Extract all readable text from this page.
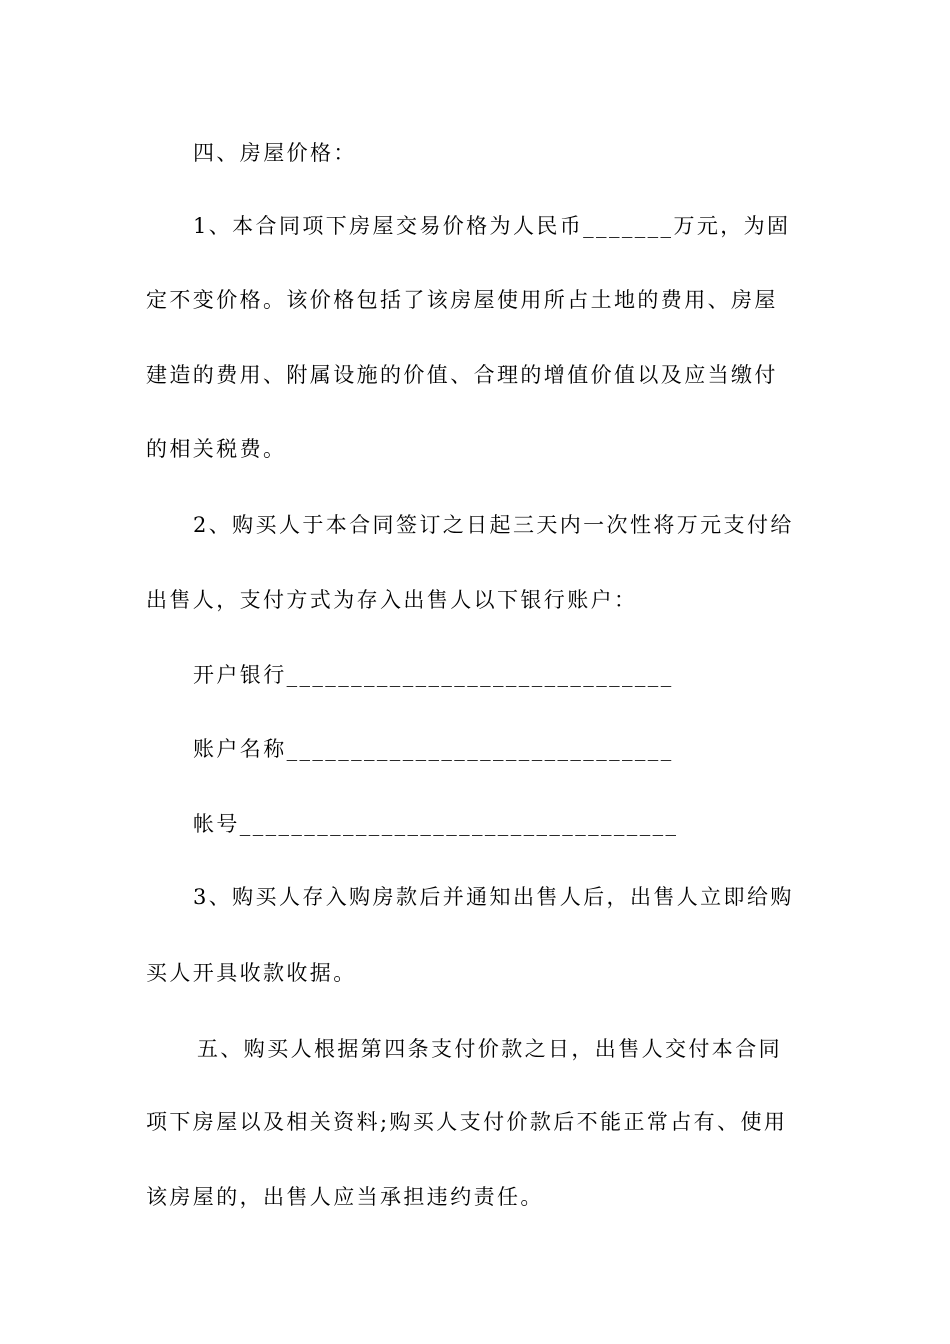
四、房屋价格：
1、本合同项下房屋交易价格为人民币_______万元，为固
定不变价格。该价格包括了该房屋使用所占土地的费用、房屋
建造的费用、附属设施的价值、合理的增值价值以及应当缴付
的相关税费。
2、购买人于本合同签订之日起三天内一次性将万元支付给
出售人，支付方式为存入出售人以下银行账户：
开户银行______________________________
账户名称______________________________
帐号__________________________________
3、购买人存入购房款后并通知出售人后，出售人立即给购
买人开具收款收据。
五、购买人根据第四条支付价款之日，出售人交付本合同
项下房屋以及相关资料;购买人支付价款后不能正常占有、使用
该房屋的，出售人应当承担违约责任。
